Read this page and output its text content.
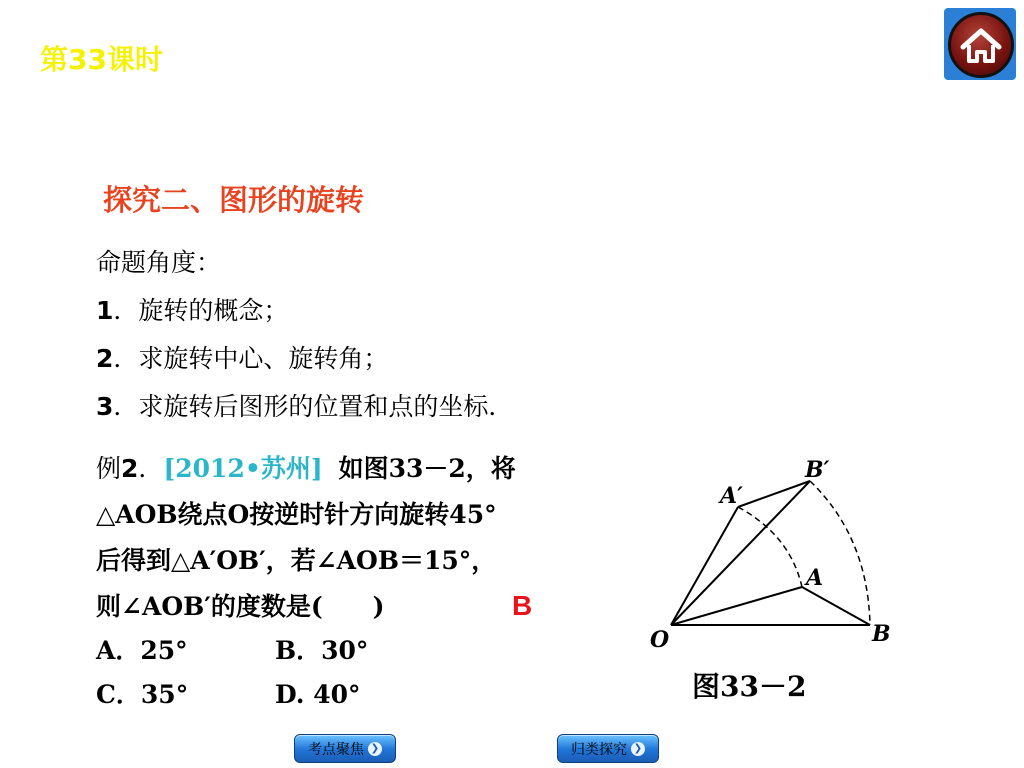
第33课时
探究二、图形的旋转
命题角度：
1．旋转的概念；
2．求旋转中心、旋转角；
3．求旋转后图形的位置和点的坐标．
例2．[2012•苏州] 如图33－2，将
△AOB绕点O按逆时针方向旋转45°
后得到△A′OB′，若∠AOB＝15°，
则∠AOB′的度数是(　　)	B
A．25°	B．30°
C．35°	D. 40°
O
A
B
A′
B′
图33－2
考点聚焦 ❯	归类探究 ❯
